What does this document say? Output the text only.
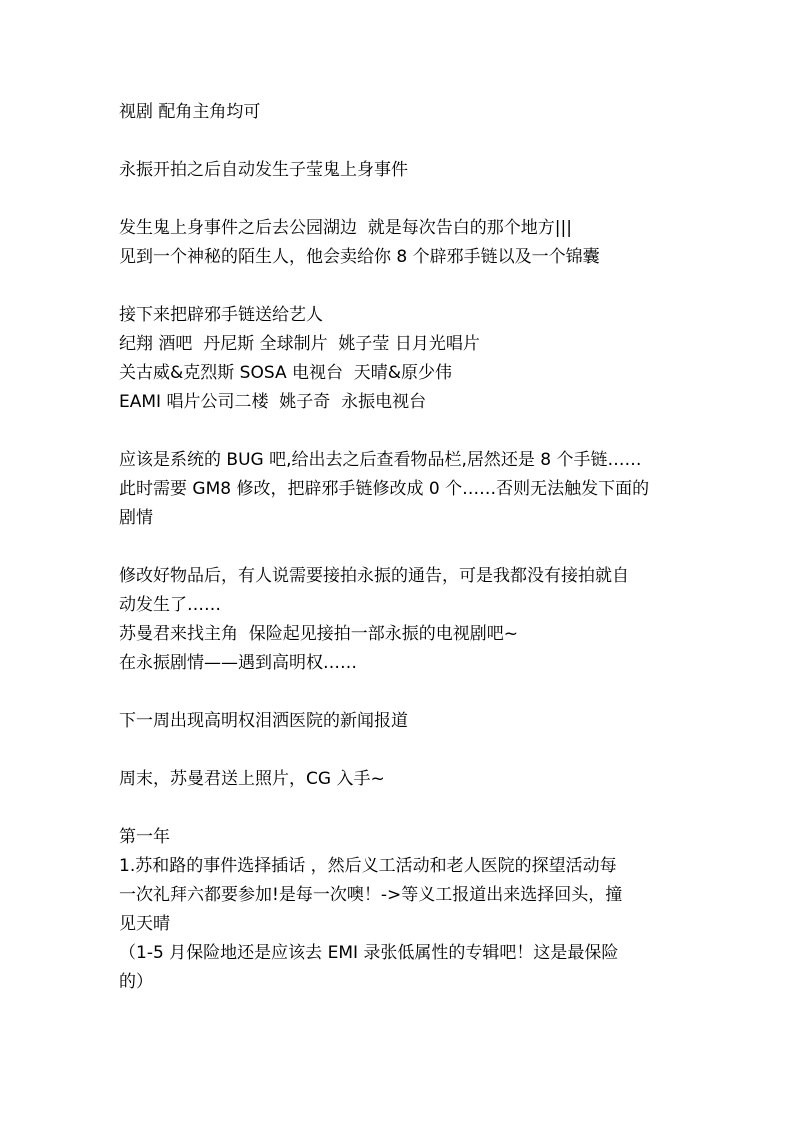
视剧 配角主角均可
永振开拍之后自动发生子莹鬼上身事件
发生鬼上身事件之后去公园湖边  就是每次告白的那个地方|||
见到一个神秘的陌生人，他会卖给你 8 个辟邪手链以及一个锦囊
接下来把辟邪手链送给艺人
纪翔 酒吧  丹尼斯 全球制片  姚子莹 日月光唱片
关古威&克烈斯 SOSA 电视台  天晴&原少伟
EAMI 唱片公司二楼  姚子奇  永振电视台
应该是系统的 BUG 吧,给出去之后查看物品栏,居然还是 8 个手链……
此时需要 GM8 修改，把辟邪手链修改成 0 个……否则无法触发下面的
剧情
修改好物品后，有人说需要接拍永振的通告，可是我都没有接拍就自
动发生了……
苏曼君来找主角  保险起见接拍一部永振的电视剧吧~
在永振剧情——遇到高明权……
下一周出现高明权泪洒医院的新闻报道
周末，苏曼君送上照片，CG 入手~
第一年
1.苏和路的事件选择插话 ，然后义工活动和老人医院的探望活动每
一次礼拜六都要参加!是每一次噢！->等义工报道出来选择回头，撞
见天晴
（1-5 月保险地还是应该去 EMI 录张低属性的专辑吧！这是最保险
的）
